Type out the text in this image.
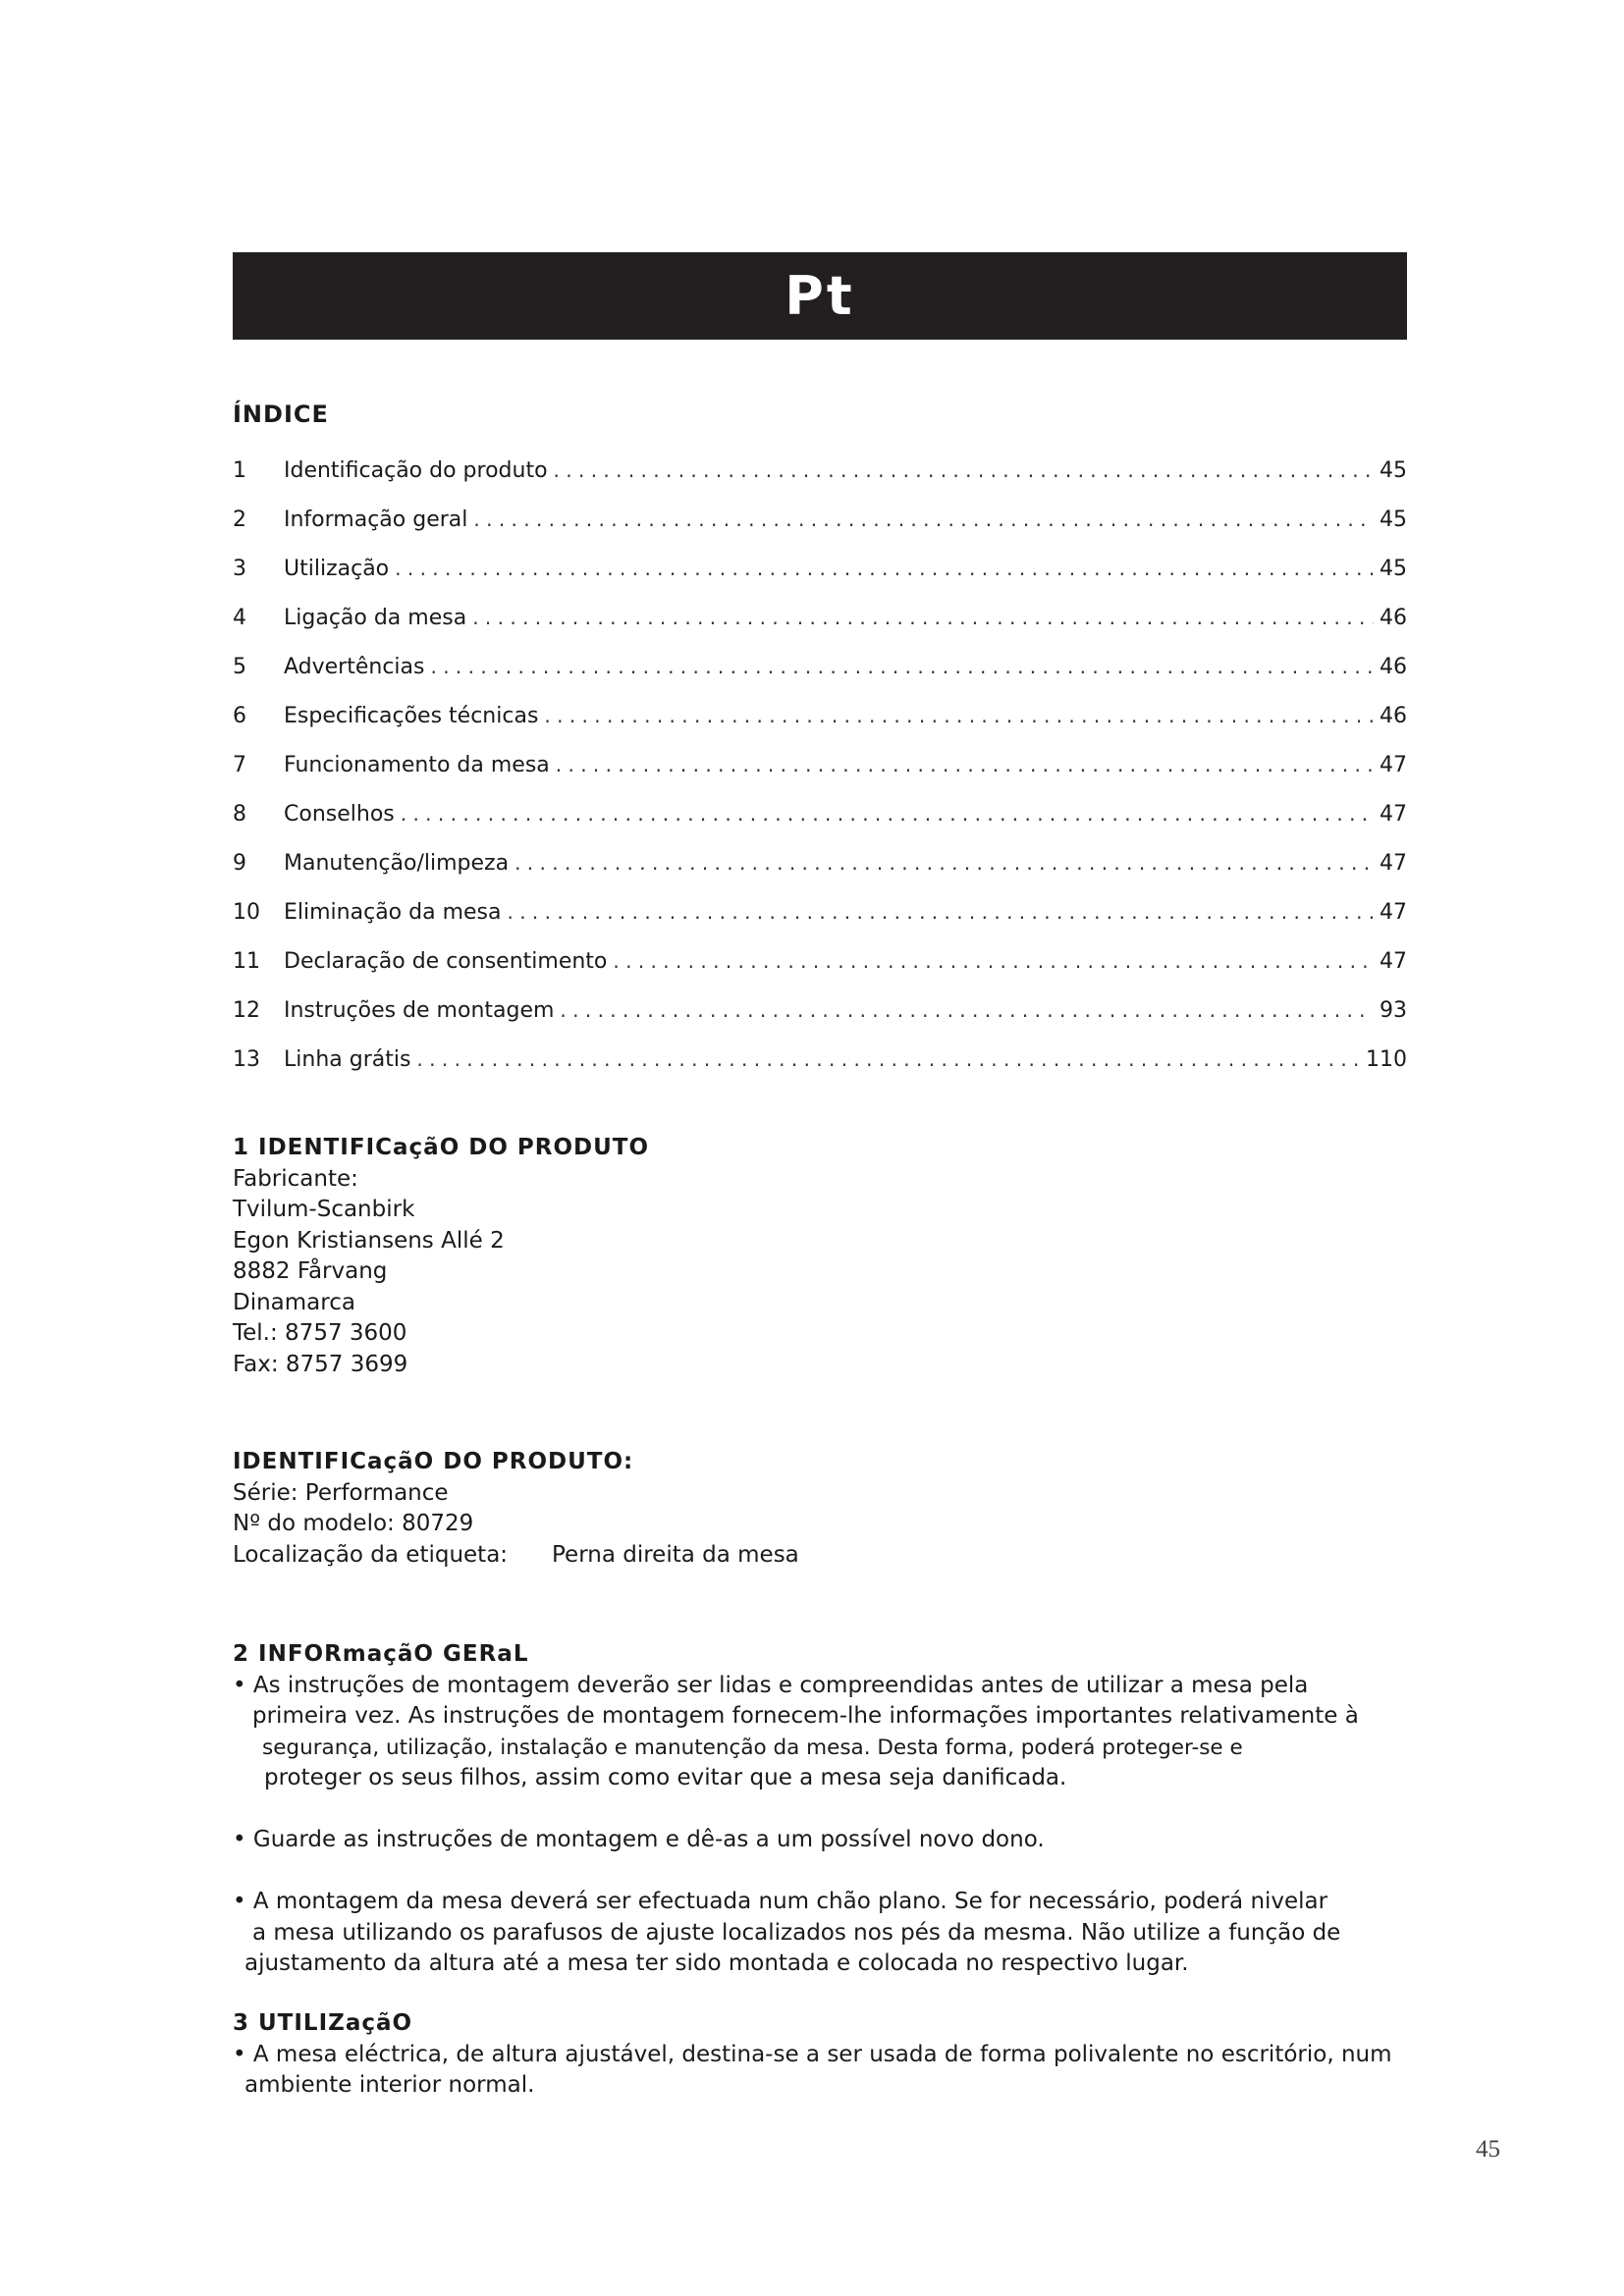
Pt
ÍNDICE
1	Identificação do produto . . .	45
2	Informação geral . . .	45
3	Utilização . . .	45
4	Ligação da mesa . . .	46
5	Advertências . . .	46
6	Especificações técnicas . . .	46
7	Funcionamento da mesa . . .	47
8	Conselhos . . .	47
9	Manutenção/limpeza . . .	47
10	Eliminação da mesa . . .	47
11	Declaração de consentimento . . .	47
12	Instruções de montagem . . .	93
13	Linha grátis . . .	110

1 IDENTIFICaçãO DO PRODUTO

Fabricante:

Tvilum-Scanbirk

Egon Kristiansens Allé 2

8882 Fårvang

Dinamarca

Tel.: 8757 3600

Fax: 8757 3699

IDENTIFICaçãO DO PRODUTO:

Série: Performance

Nº do modelo: 80729

Localização da etiqueta: Perna direita da mesa

2 INFORmaçãO GERaL

• As instruções de montagem deverão ser lidas e compreendidas antes de utilizar a mesa pela

primeira vez. As instruções de montagem fornecem-lhe informações importantes relativamente à

segurança, utilização, instalação e manutenção da mesa. Desta forma, poderá proteger-se e

proteger os seus filhos, assim como evitar que a mesa seja danificada.

• Guarde as instruções de montagem e dê-as a um possível novo dono.

• A montagem da mesa deverá ser efectuada num chão plano. Se for necessário, poderá nivelar

a mesa utilizando os parafusos de ajuste localizados nos pés da mesma. Não utilize a função de

ajustamento da altura até a mesa ter sido montada e colocada no respectivo lugar.

3 UTILIZaçãO

• A mesa eléctrica, de altura ajustável, destina-se a ser usada de forma polivalente no escritório, num

ambiente interior normal.

45
